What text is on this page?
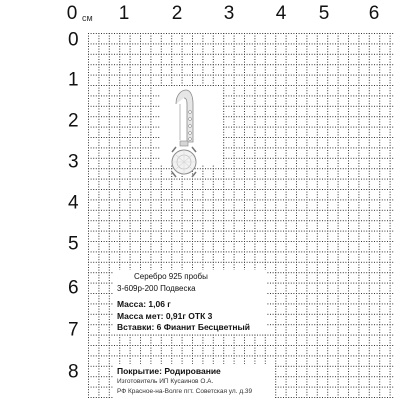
см
0 1 2 3 4 5 6
0
1
2
3
4
5
6
7
8
Серебро 925 пробы
3-609р-200 Подвеска
Масса: 1,06 г
Масса мет: 0,91г ОТК 3
Вставки: 6 Фианит Бесцветный
Покрытие: Родирование
Изготовитель ИП Кусаинов О.А.
РФ Красное-на-Волге пгт. Советская ул. д.39
